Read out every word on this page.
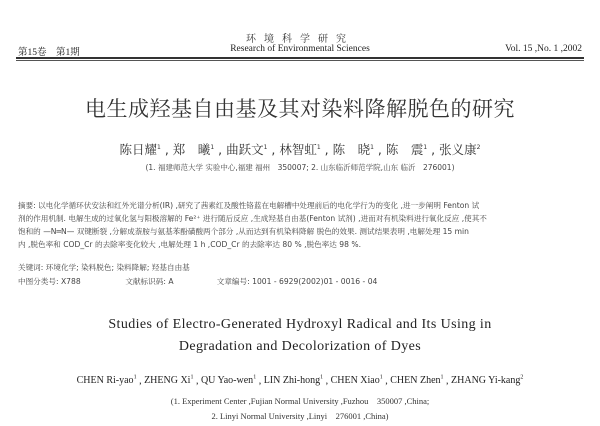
环境科学研究
Research of Environmental Sciences
第15卷　第1期	Vol. 15 ,No. 1 ,2002
电生成羟基自由基及其对染料降解脱色的研究
陈日耀$^1$ , 郑　曦$^1$ , 曲跃文$^1$ , 林智虹$^1$ , 陈　晓$^1$ , 陈　震$^1$ , 张义康$^2$
(1. 福建师范大学 实验中心,福建 福州　350007; 2. 山东临沂师范学院,山东 临沂　276001)

摘要: 以电化学循环伏安法和红外光谱分析(IR) ,研究了茜素红及酸性铬蓝在电解槽中处理前后的电化学行为的变化 ,进一步阐明 Fenton 试

剂的作用机制. 电解生成的过氧化氢与阳极溶解的 Fe²⁺ 进行随后反应 ,生成羟基自由基(Fenton 试剂) ,进而对有机染料进行氧化反应 ,使其不

饱和的 —N═N— 双键断裂 ,分解成萘胺与氨基苯酚磺酸两个部分 ,从而达到有机染料降解 脱色的效果. 测试结果表明 ,电解处理 15 min

内 ,脱色率和 COD_Cr 的去除率变化较大 ,电解处理 1 h ,COD_Cr 的去除率达 80 % ,脱色率达 98 %.

关键词: 环境化学; 染料脱色; 染料降解; 羟基自由基
中图分类号: X788	文献标识码: A	文章编号: 1001 - 6929(2002)01 - 0016 - 04
Studies of Electro-Generated Hydroxyl Radical and Its Using in
Degradation and Decolorization of Dyes
CHEN Ri-yao$^1$ , ZHENG Xi$^1$ , QU Yao-wen$^1$ , LIN Zhi-hong$^1$ , CHEN Xiao$^1$ , CHEN Zhen$^1$ , ZHANG Yi-kang$^2$
(1. Experiment Center ,Fujian Normal University ,Fuzhou　350007 ,China;
2. Linyi Normal University ,Linyi　276001 ,China)
